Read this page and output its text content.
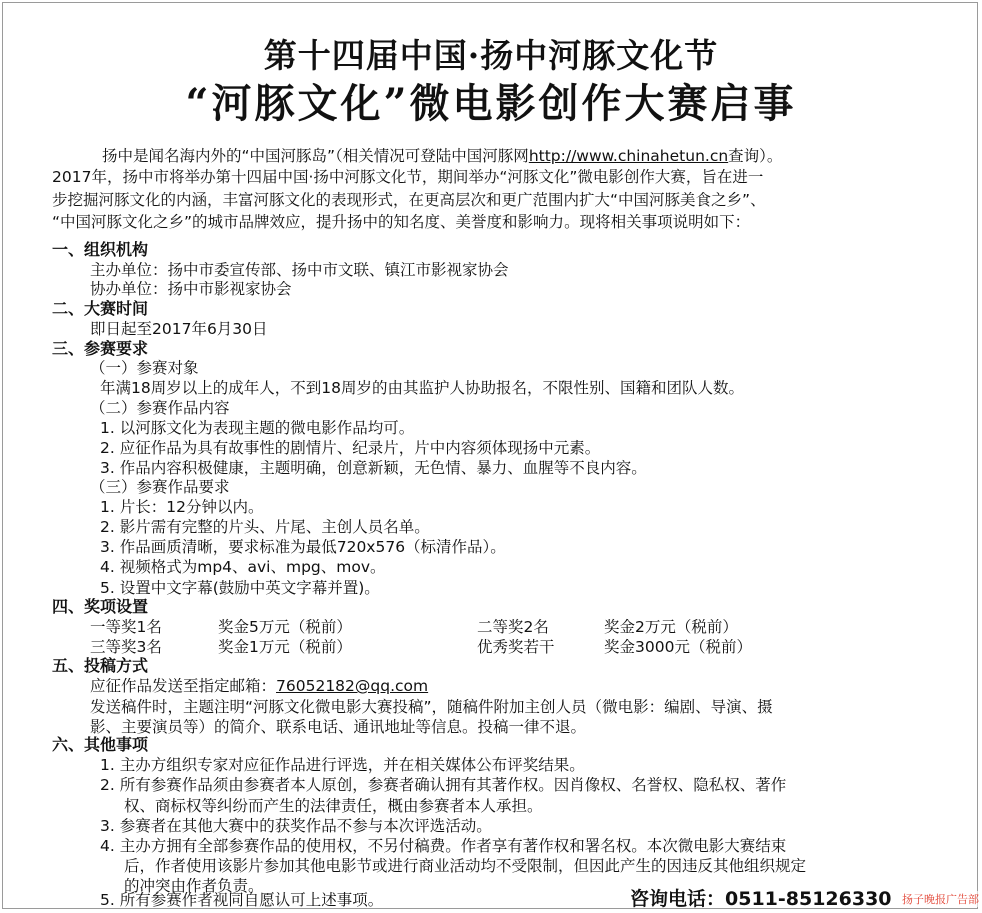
第十四届中国·扬中河豚文化节
“河豚文化”微电影创作大赛启事
扬中是闻名海内外的“中国河豚岛”（相关情况可登陆中国河豚网http://www.chinahetun.cn查询）。
2017年，扬中市将举办第十四届中国·扬中河豚文化节，期间举办“河豚文化”微电影创作大赛，旨在进一
步挖掘河豚文化的内涵，丰富河豚文化的表现形式，在更高层次和更广范围内扩大“中国河豚美食之乡”、
“中国河豚文化之乡”的城市品牌效应，提升扬中的知名度、美誉度和影响力。现将相关事项说明如下：
一、组织机构
主办单位：扬中市委宣传部、扬中市文联、镇江市影视家协会
协办单位：扬中市影视家协会
二、大赛时间
即日起至2017年6月30日
三、参赛要求
（一）参赛对象
年满18周岁以上的成年人，不到18周岁的由其监护人协助报名，不限性别、国籍和团队人数。
（二）参赛作品内容
1. 以河豚文化为表现主题的微电影作品均可。
2. 应征作品为具有故事性的剧情片、纪录片，片中内容须体现扬中元素。
3. 作品内容积极健康，主题明确，创意新颖，无色情、暴力、血腥等不良内容。
（三）参赛作品要求
1. 片长：12分钟以内。
2. 影片需有完整的片头、片尾、主创人员名单。
3. 作品画质清晰，要求标准为最低720x576（标清作品）。
4. 视频格式为mp4、avi、mpg、mov。
5. 设置中文字幕(鼓励中英文字幕并置)。
四、奖项设置
一等奖1名	奖金5万元（税前）	二等奖2名	奖金2万元（税前）
三等奖3名	奖金1万元（税前）	优秀奖若干	奖金3000元（税前）
五、投稿方式
应征作品发送至指定邮箱：76052182@qq.com
发送稿件时，主题注明“河豚文化微电影大赛投稿”，随稿件附加主创人员（微电影：编剧、导演、摄
影、主要演员等）的简介、联系电话、通讯地址等信息。投稿一律不退。
六、其他事项
1. 主办方组织专家对应征作品进行评选，并在相关媒体公布评奖结果。
2. 所有参赛作品须由参赛者本人原创，参赛者确认拥有其著作权。因肖像权、名誉权、隐私权、著作
权、商标权等纠纷而产生的法律责任，概由参赛者本人承担。
3. 参赛者在其他大赛中的获奖作品不参与本次评选活动。
4. 主办方拥有全部参赛作品的使用权，不另付稿费。作者享有著作权和署名权。本次微电影大赛结束
后，作者使用该影片参加其他电影节或进行商业活动均不受限制，但因此产生的因违反其他组织规定
的冲突由作者负责。
5. 所有参赛作者视同自愿认可上述事项。	咨询电话：0511-85126330 扬子晚报广告部
